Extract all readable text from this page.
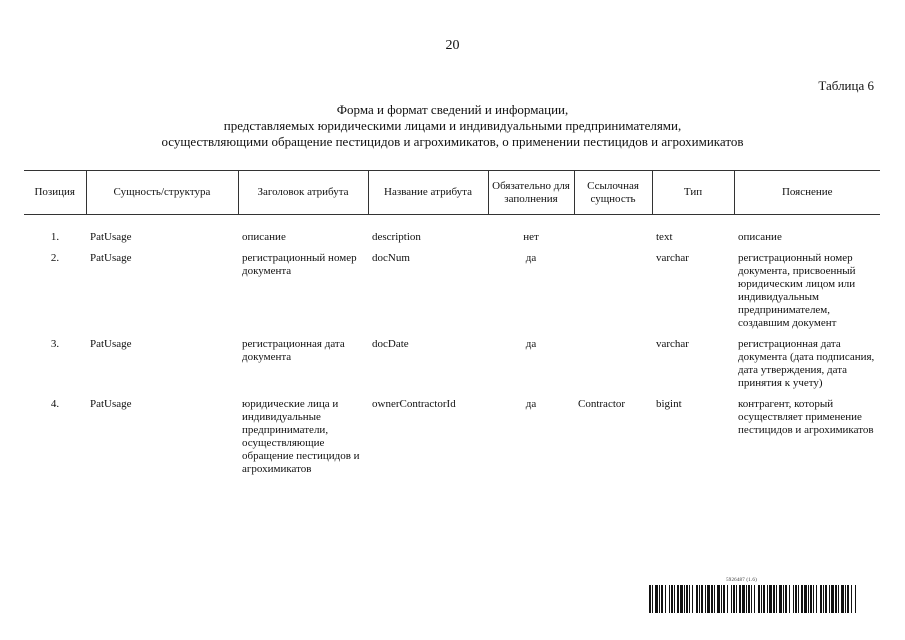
20
Таблица 6
Форма и формат сведений и информации,
представляемых юридическими лицами и индивидуальными предпринимателями,
осуществляющими обращение пестицидов и агрохимикатов, о применении пестицидов и агрохимикатов
Позиция	Сущность/структура	Заголовок атрибута	Название атрибута	Обязательно для заполнения	Ссылочная сущность	Тип	Пояснение

1.	PatUsage	описание	description	нет		text	описание
2.	PatUsage	регистрационный номер документа	docNum	да		varchar	регистрационный номер документа, присвоенный юридическим лицом или индивидуальным предпринимателем, создавшим документ
3.	PatUsage	регистрационная дата документа	docDate	да		varchar	регистрационная дата документа (дата подписания, дата утверждения, дата принятия к учету)
4.	PatUsage	юридические лица и индивидуальные предприниматели, осуществляющие обращение пестицидов и агрохимикатов	ownerContractorId	да	Contractor	bigint	контрагент, который осуществляет применение пестицидов и агрохимикатов
5926487 (1.6)
